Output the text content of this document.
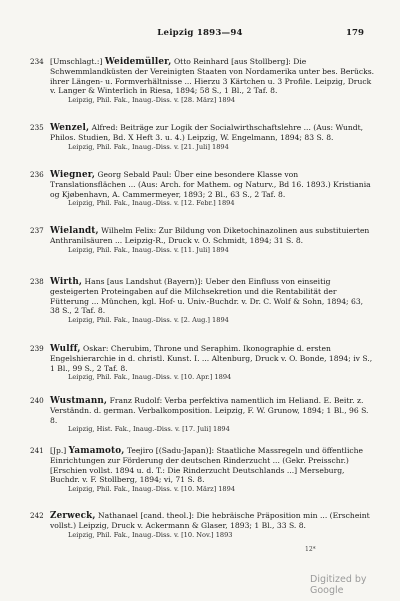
Leipzig 1893—94	179
234 [Umschlagt.:] Weidemüller, Otto Reinhard [aus Stollberg]: Die Schwemmlandküsten der Vereinigten Staaten von Nordamerika unter bes. Berücks. ihrer Längen- u. Formverhältnisse ... Hierzu 3 Kärtchen u. 3 Profile. Leipzig, Druck v. Langer & Winterlich in Riesa, 1894; 58 S., 1 Bl., 2 Taf. 8.
Leipzig, Phil. Fak., Inaug.-Diss. v. [28. März] 1894
235 Wenzel, Alfred: Beiträge zur Logik der Socialwirthschaftslehre ... (Aus: Wundt, Philos. Studien, Bd. X Heft 3. u. 4.) Leipzig, W. Engelmann, 1894; 83 S. 8.
Leipzig, Phil. Fak., Inaug.-Diss. v. [21. Juli] 1894
236 Wiegner, Georg Sebald Paul: Über eine besondere Klasse von Translationsflächen ... (Aus: Arch. for Mathem. og Naturv., Bd 16. 1893.) Kristiania og Kjøbenhavn, A. Cammermeyer, 1893; 2 Bl., 63 S., 2 Taf. 8.
Leipzig, Phil. Fak., Inaug.-Diss. v. [12. Febr.] 1894
237 Wielandt, Wilhelm Felix: Zur Bildung von Diketochinazolinen aus substituierten Anthranilsäuren ... Leipzig-R., Druck v. O. Schmidt, 1894; 31 S. 8.
Leipzig, Phil. Fak., Inaug.-Diss. v. [11. Juli] 1894
238 Wirth, Hans [aus Landshut (Bayern)]: Ueber den Einfluss von einseitig gesteigerten Proteingaben auf die Milchsekretion und die Rentabilität der Fütterung ... München, kgl. Hof- u. Univ.-Buchdr. v. Dr. C. Wolf & Sohn, 1894; 63, 38 S., 2 Taf. 8.
Leipzig, Phil. Fak., Inaug.-Diss. v. [2. Aug.] 1894
239 Wulff, Oskar: Cherubim, Throne und Seraphim. Ikonographie d. ersten Engelshierarchie in d. christl. Kunst. I. ... Altenburg, Druck v. O. Bonde, 1894; iv S., 1 Bl., 99 S., 2 Taf. 8.
Leipzig, Phil. Fak., Inaug.-Diss. v. [10. Apr.] 1894
240 Wustmann, Franz Rudolf: Verba perfektiva namentlich im Heliand. E. Beitr. z. Verständn. d. german. Verbalkomposition. Leipzig, F. W. Grunow, 1894; 1 Bl., 96 S. 8.
Leipzig, Hist. Fak., Inaug.-Diss. v. [17. Juli] 1894
241 [Jp.] Yamamoto, Teejiro [(Sadu-Japan)]: Staatliche Massregeln und öffentliche Einrichtungen zur Förderung der deutschen Rinderzucht ... (Gekr. Preisschr.) [Erschien vollst. 1894 u. d. T.: Die Rinderzucht Deutschlands ...] Merseburg, Buchdr. v. F. Stollberg, 1894; vi, 71 S. 8.
Leipzig, Phil. Fak., Inaug.-Diss. v. [10. März] 1894
242 Zerweck, Nathanael [cand. theol.]: Die hebräische Präposition min ... (Erscheint vollst.) Leipzig, Druck v. Ackermann & Glaser, 1893; 1 Bl., 33 S. 8.
Leipzig, Phil. Fak., Inaug.-Diss. v. [10. Nov.] 1893
12*
Digitized by Google
